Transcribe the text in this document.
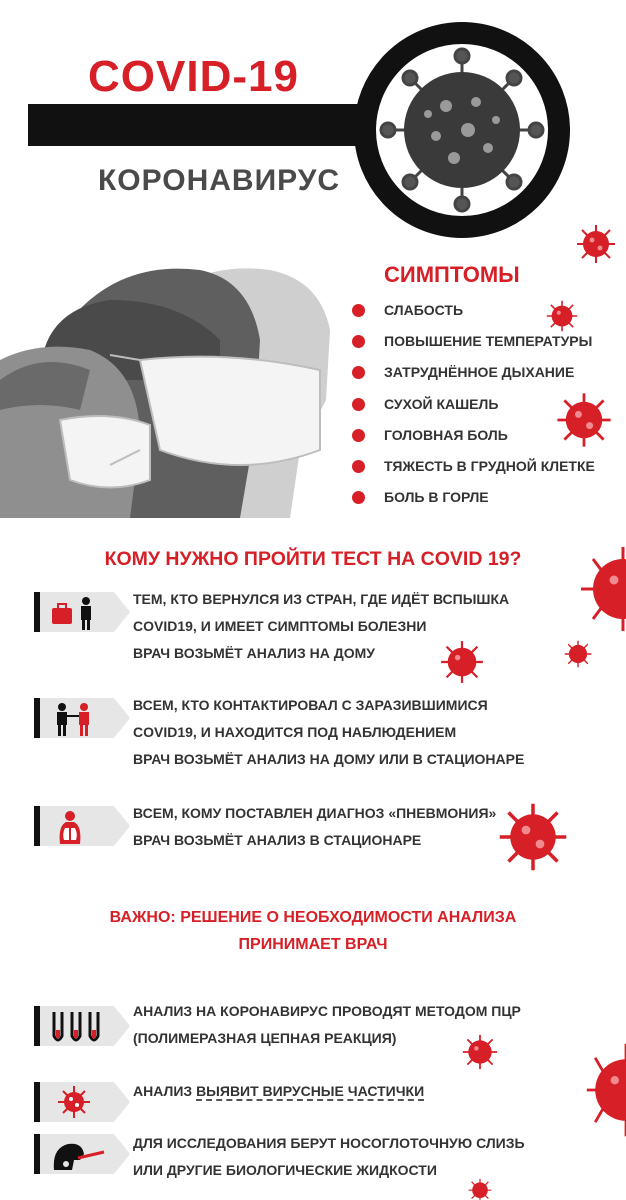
COVID-19
КОРОНАВИРУС
СИМПТОМЫ
СЛАБОСТЬ
ПОВЫШЕНИЕ ТЕМПЕРАТУРЫ
ЗАТРУДНЁННОЕ ДЫХАНИЕ
СУХОЙ КАШЕЛЬ
ГОЛОВНАЯ БОЛЬ
ТЯЖЕСТЬ В ГРУДНОЙ КЛЕТКЕ
БОЛЬ В ГОРЛЕ
КОМУ НУЖНО ПРОЙТИ ТЕСТ НА COVID 19?
ТЕМ, КТО ВЕРНУЛСЯ ИЗ СТРАН, ГДЕ ИДЁТ ВСПЫШКА
COVID19, И ИМЕЕТ СИМПТОМЫ БОЛЕЗНИ
ВРАЧ ВОЗЬМЁТ АНАЛИЗ НА ДОМУ
ВСЕМ, КТО КОНТАКТИРОВАЛ С ЗАРАЗИВШИМИСЯ
COVID19, И НАХОДИТСЯ ПОД НАБЛЮДЕНИЕМ
ВРАЧ ВОЗЬМЁТ АНАЛИЗ НА ДОМУ ИЛИ В СТАЦИОНАРЕ
ВСЕМ, КОМУ ПОСТАВЛЕН ДИАГНОЗ «ПНЕВМОНИЯ»
ВРАЧ ВОЗЬМЁТ АНАЛИЗ В СТАЦИОНАРЕ
ВАЖНО: РЕШЕНИЕ О НЕОБХОДИМОСТИ АНАЛИЗА
ПРИНИМАЕТ ВРАЧ
АНАЛИЗ НА КОРОНАВИРУС ПРОВОДЯТ МЕТОДОМ ПЦР
(ПОЛИМЕРАЗНАЯ ЦЕПНАЯ РЕАКЦИЯ)
АНАЛИЗ ВЫЯВИТ ВИРУСНЫЕ ЧАСТИЧКИ
ДЛЯ ИССЛЕДОВАНИЯ БЕРУТ НОСОГЛОТОЧНУЮ СЛИЗЬ
ИЛИ ДРУГИЕ БИОЛОГИЧЕСКИЕ ЖИДКОСТИ
